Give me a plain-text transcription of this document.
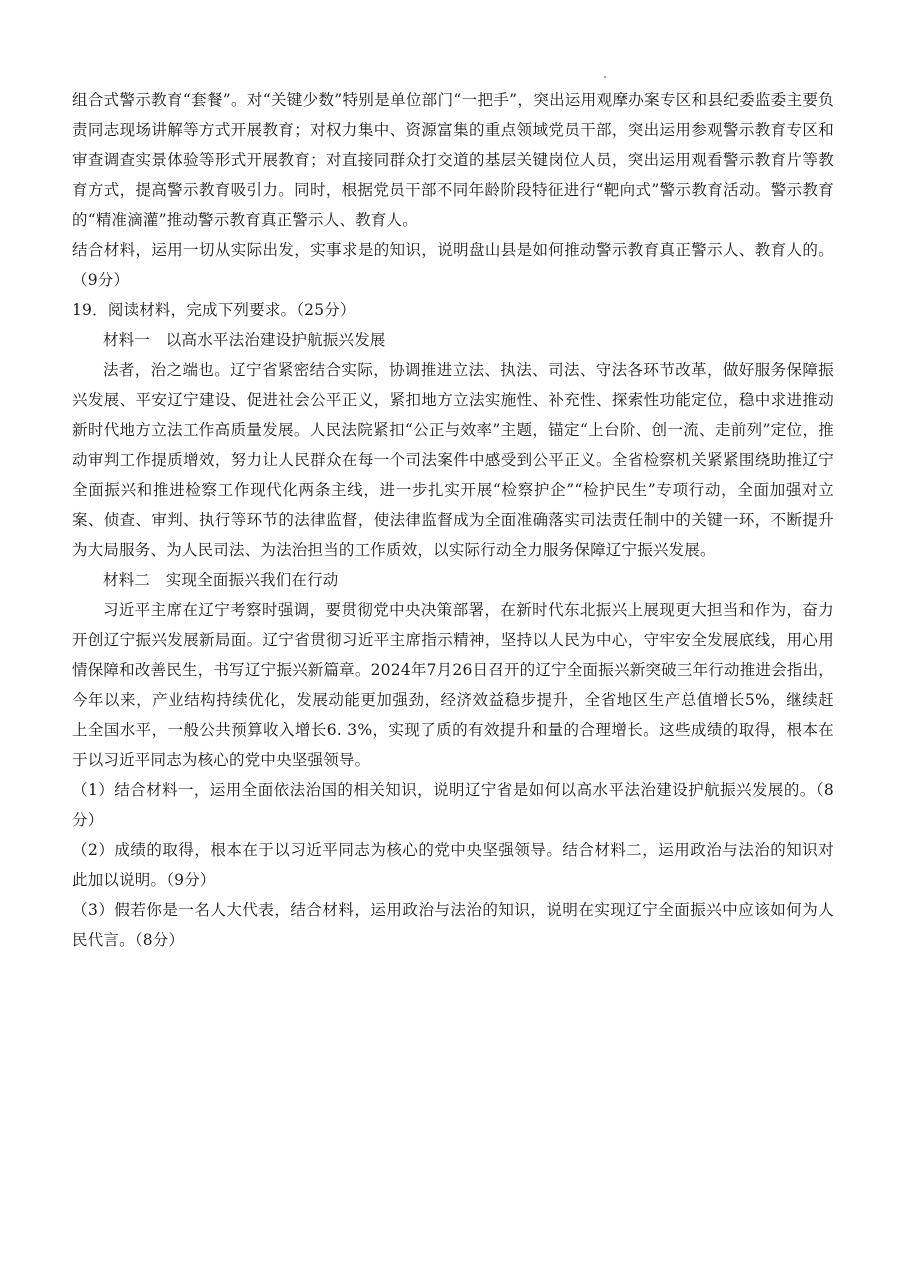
组合式警示教育“套餐”。对“关键少数”特别是单位部门“一把手”，突出运用观摩办案专区和县纪委监委主要负责同志现场讲解等方式开展教育；对权力集中、资源富集的重点领域党员干部，突出运用参观警示教育专区和审查调查实景体验等形式开展教育；对直接同群众打交道的基层关键岗位人员，突出运用观看警示教育片等教育方式，提高警示教育吸引力。同时，根据党员干部不同年龄阶段特征进行“靶向式”警示教育活动。警示教育的“精准滴灌”推动警示教育真正警示人、教育人。

结合材料，运用一切从实际出发，实事求是的知识，说明盘山县是如何推动警示教育真正警示人、教育人的。（9分）

19．阅读材料，完成下列要求。（25分）

材料一　以高水平法治建设护航振兴发展

法者，治之端也。辽宁省紧密结合实际，协调推进立法、执法、司法、守法各环节改革，做好服务保障振兴发展、平安辽宁建设、促进社会公平正义，紧扣地方立法实施性、补充性、探索性功能定位，稳中求进推动新时代地方立法工作高质量发展。人民法院紧扣“公正与效率”主题，锚定“上台阶、创一流、走前列”定位，推动审判工作提质增效，努力让人民群众在每一个司法案件中感受到公平正义。全省检察机关紧紧围绕助推辽宁全面振兴和推进检察工作现代化两条主线，进一步扎实开展“检察护企”“检护民生”专项行动，全面加强对立案、侦查、审判、执行等环节的法律监督，使法律监督成为全面准确落实司法责任制中的关键一环，不断提升为大局服务、为人民司法、为法治担当的工作质效，以实际行动全力服务保障辽宁振兴发展。

材料二　实现全面振兴我们在行动

习近平主席在辽宁考察时强调，要贯彻党中央决策部署，在新时代东北振兴上展现更大担当和作为，奋力开创辽宁振兴发展新局面。辽宁省贯彻习近平主席指示精神，坚持以人民为中心，守牢安全发展底线，用心用情保障和改善民生，书写辽宁振兴新篇章。2024年7月26日召开的辽宁全面振兴新突破三年行动推进会指出，今年以来，产业结构持续优化，发展动能更加强劲，经济效益稳步提升，全省地区生产总值增长5%，继续赶上全国水平，一般公共预算收入增长6. 3%，实现了质的有效提升和量的合理增长。这些成绩的取得，根本在于以习近平同志为核心的党中央坚强领导。

（1）结合材料一，运用全面依法治国的相关知识，说明辽宁省是如何以高水平法治建设护航振兴发展的。（8分）

（2）成绩的取得，根本在于以习近平同志为核心的党中央坚强领导。结合材料二，运用政治与法治的知识对此加以说明。（9分）

（3）假若你是一名人大代表，结合材料，运用政治与法治的知识，说明在实现辽宁全面振兴中应该如何为人民代言。（8分）
